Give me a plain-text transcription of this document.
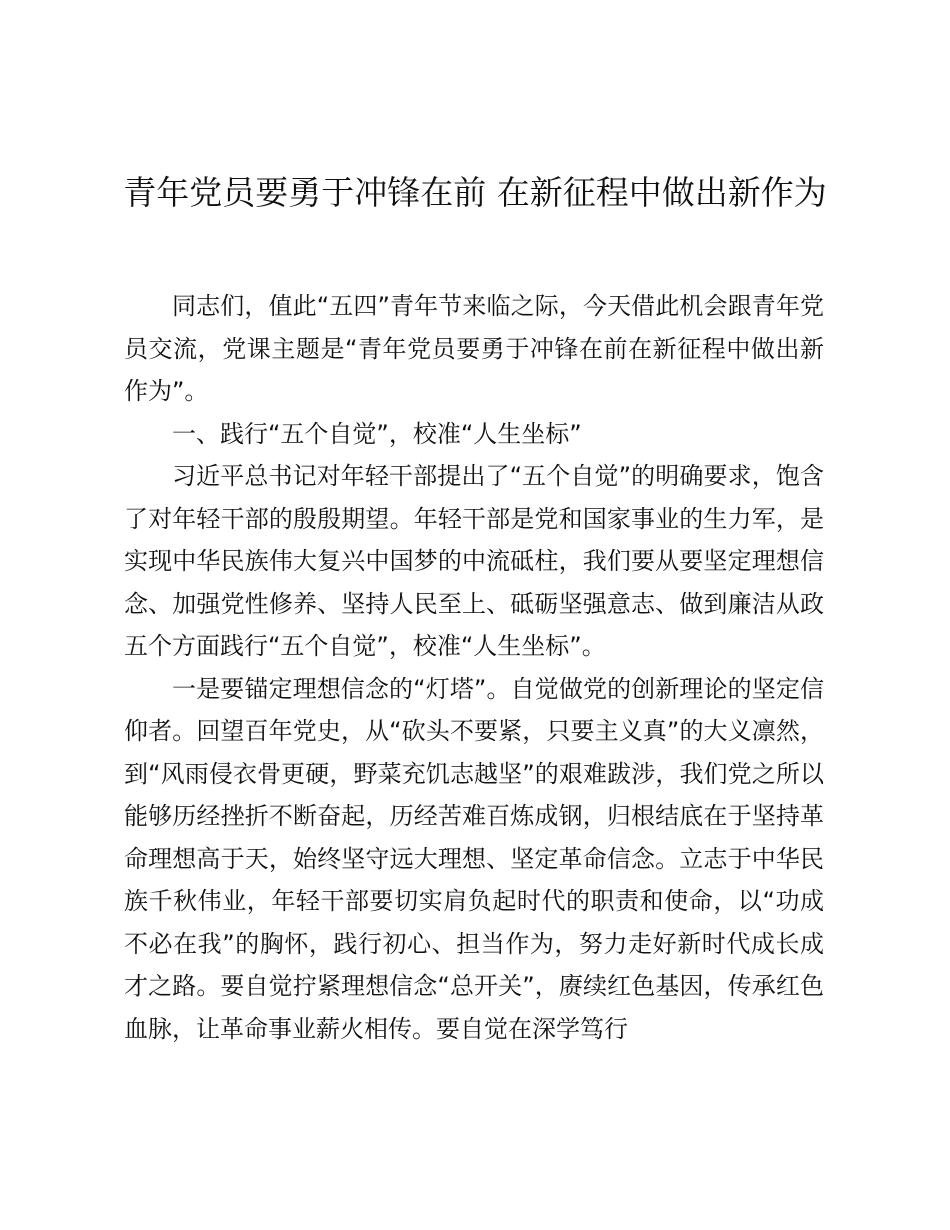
青年党员要勇于冲锋在前 在新征程中做出新作为

同志们，值此“五四”青年节来临之际，今天借此机会跟青年党员交流，党课主题是“青年党员要勇于冲锋在前在新征程中做出新作为”。

一、践行“五个自觉”，校准“人生坐标”

习近平总书记对年轻干部提出了“五个自觉”的明确要求，饱含了对年轻干部的殷殷期望。年轻干部是党和国家事业的生力军，是实现中华民族伟大复兴中国梦的中流砥柱，我们要从要坚定理想信念、加强党性修养、坚持人民至上、砥砺坚强意志、做到廉洁从政五个方面践行“五个自觉”，校准“人生坐标”。

一是要锚定理想信念的“灯塔”。自觉做党的创新理论的坚定信仰者。回望百年党史，从“砍头不要紧，只要主义真”的大义凛然，到“风雨侵衣骨更硬，野菜充饥志越坚”的艰难跋涉，我们党之所以能够历经挫折不断奋起，历经苦难百炼成钢，归根结底在于坚持革命理想高于天，始终坚守远大理想、坚定革命信念。立志于中华民族千秋伟业，年轻干部要切实肩负起时代的职责和使命，以“功成不必在我”的胸怀，践行初心、担当作为，努力走好新时代成长成才之路。要自觉拧紧理想信念“总开关”，赓续红色基因，传承红色血脉，让革命事业薪火相传。要自觉在深学笃行
